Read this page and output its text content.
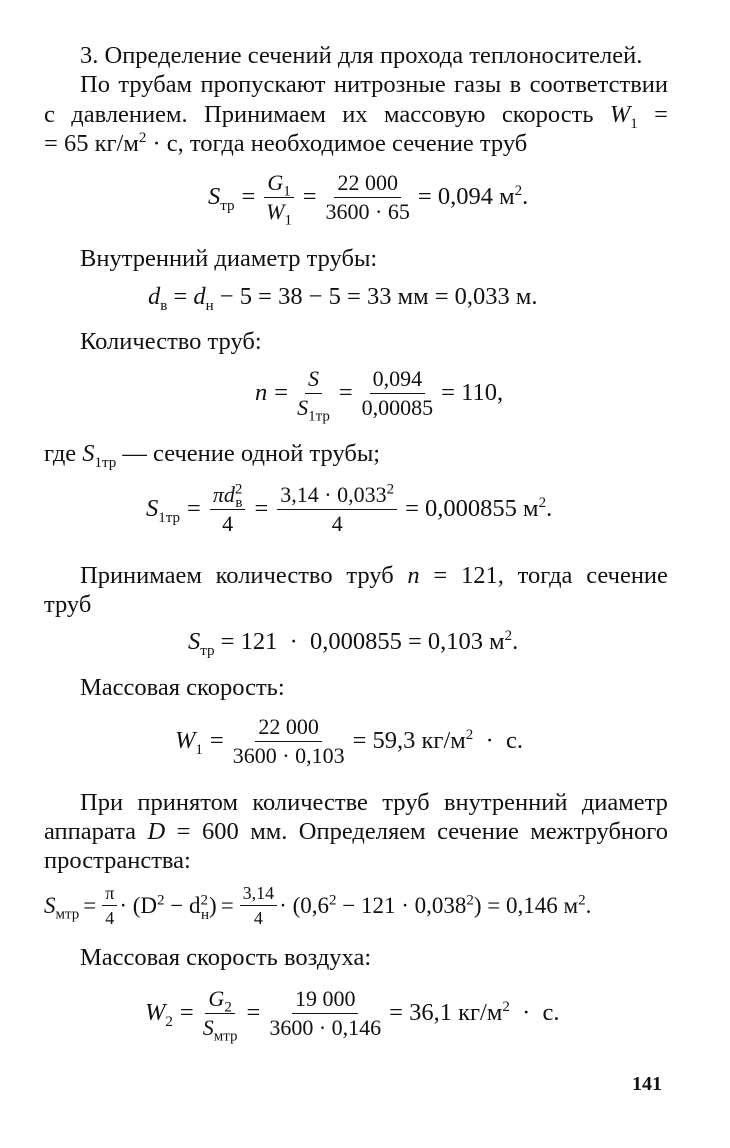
3. Определение сечений для прохода теплоносителей.
По трубам пропускают нитрозные газы в соответствии
с давлением. Принимаем их массовую скорость $W_1$ =
= 65 $кг/м^2 \cdot с$, тогда необходимое сечение труб
$S_{тр} = \frac{G_1}{W_1} = \frac{22 000}{3600 \cdot 65} = 0,094$ $м^2$.
Внутренний диаметр трубы:
$d_в = d_н - 5 = 38 - 5 = 33$ мм = 0,033 м.
Количество труб:
$n = \frac{S}{S_{1тр}} = \frac{0,094}{0,00085} = 110$,
где $S_{1тр}$ — сечение одной трубы;
$S_{1тр} = \frac{\pi d^2_в}{4} = \frac{3,14 \cdot 0,033^2}{4} = 0,000855$ $м^2$.
Принимаем количество труб n = 121, тогда сечение
труб
$S_{тр} = 121 \cdot 0,000855 = 0,103$ $м^2$.
Массовая скорость:
$W_1 = \frac{22 000}{3600 \cdot 0,103} = 59,3$ $кг/м^2 \cdot с$.
При принятом количестве труб внутренний диаметр
аппарата D = 600 мм. Определяем сечение межтрубного
пространства:
$S_{мтр} = \frac{\pi}{4} \cdot (D^2 - d^2_н) = \frac{3,14}{4} \cdot (0,6^2 - 121 \cdot 0,038^2) = 0,146$ $м^2$.
Массовая скорость воздуха:
$W_2 = \frac{G_2}{S_{мтр}} = \frac{19 000}{3600 \cdot 0,146} = 36,1$ $кг/м^2 \cdot с$.
141
